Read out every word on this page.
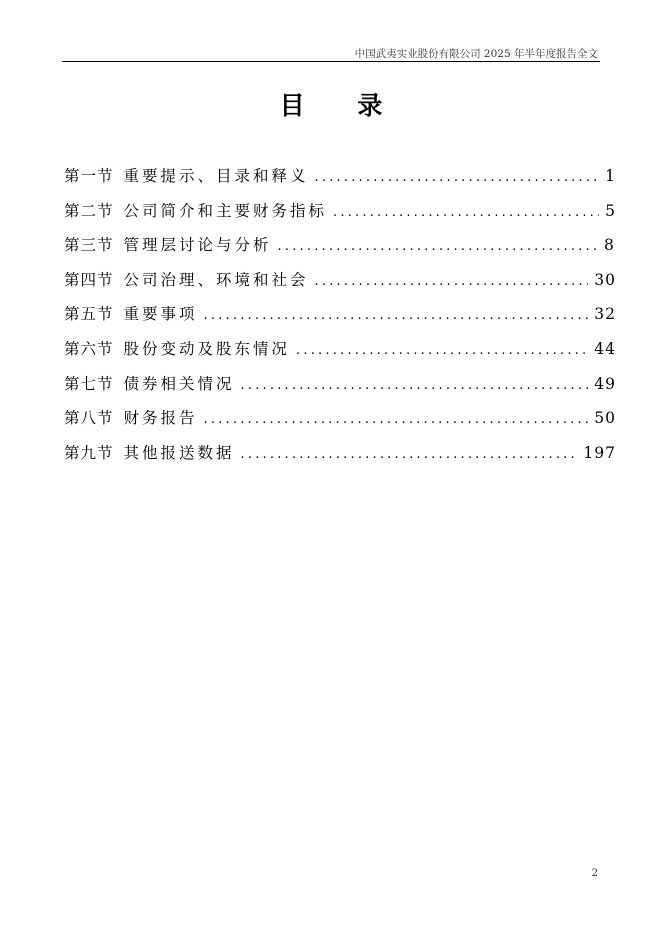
中国武夷实业股份有限公司 2025 年半年度报告全文
目 录
第一节 重要提示、目录和释义 .....	1
第二节 公司简介和主要财务指标 .....	5
第三节 管理层讨论与分析 .....	8
第四节 公司治理、环境和社会 .....	30
第五节 重要事项 .....	32
第六节 股份变动及股东情况 .....	44
第七节 债券相关情况 .....	49
第八节 财务报告 .....	50
第九节 其他报送数据 .....	197
2
